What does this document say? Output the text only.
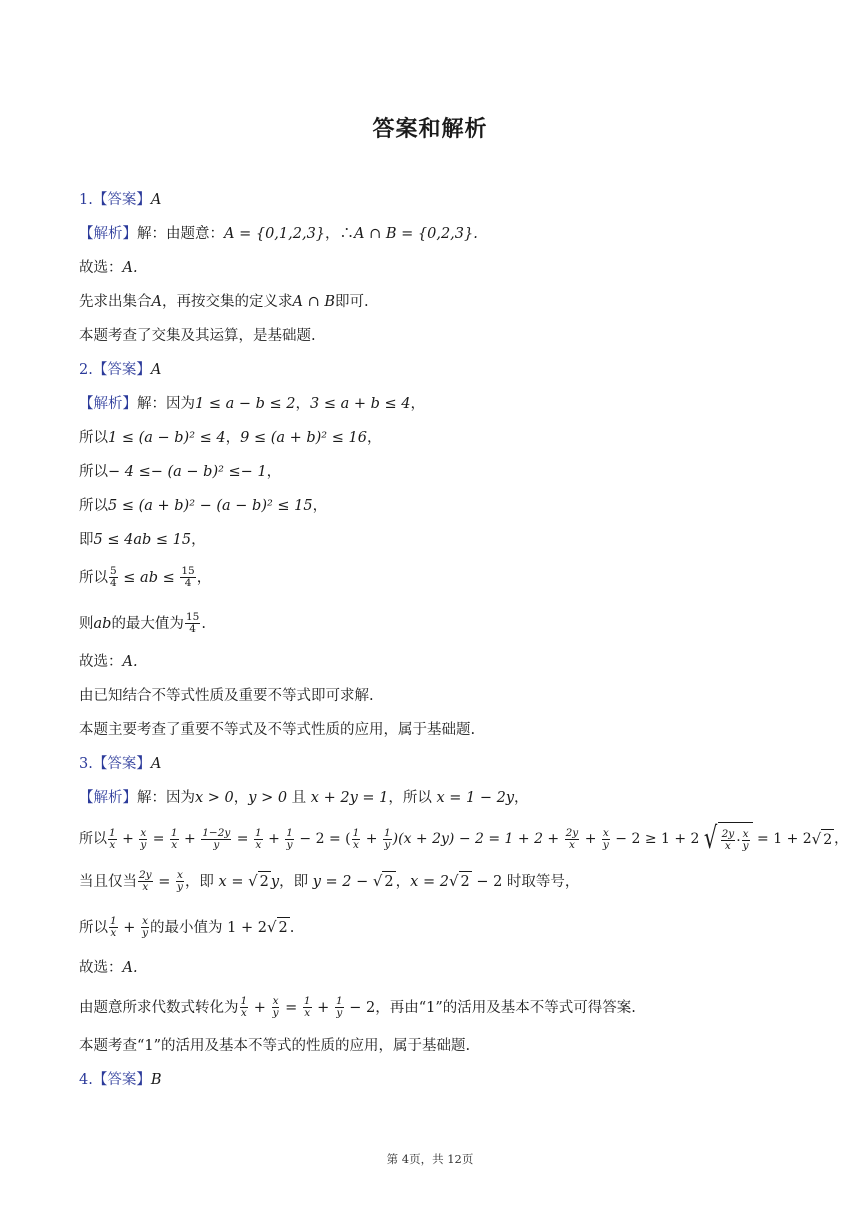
答案和解析
1.【答案】 A
【解析】 解：由题意： A = {0,1,2,3} ，∴ A ∩ B = {0,2,3}.
故选： A.
先求出集合 A ，再按交集的定义求 A ∩ B 即可.
本题考查了交集及其运算，是基础题.
2.【答案】 A
【解析】 解：因为 1 ≤ a − b ≤ 2 ， 3 ≤ a + b ≤ 4 ，
所以 1 ≤ (a − b)² ≤ 4 ， 9 ≤ (a + b)² ≤ 16 ，
所以 − 4 ≤− (a − b)² ≤− 1 ，
所以 5 ≤ (a + b)² − (a − b)² ≤ 15 ，
即 5 ≤ 4ab ≤ 15 ，
所以 $\frac{5}{4}$ ≤ ab ≤ $\frac{15}{4}$ ，
则 ab 的最大值为 $\frac{15}{4}$ .
故选： A.
由已知结合不等式性质及重要不等式即可求解.
本题主要考查了重要不等式及不等式性质的应用，属于基础题.
3.【答案】 A
【解析】 解：因为 x > 0 ， y > 0 且 x + 2y = 1 ，所以 x = 1 − 2y ，
所以 $\frac{1}{x} + \frac{x}{y} = \frac{1}{x} + \frac{1-2y}{y} = \frac{1}{x} + \frac{1}{y} - 2$ = ( $\frac{1}{x} + \frac{1}{y} )(x + 2y) - 2 = 1 + 2 + \frac{2y}{x} + \frac{x}{y} - 2 \ge 1 + 2$ √ $\frac{2y}{x} \cdot \frac{x}{y} = 1 + 2$ √ 2 ，
当且仅当 $\frac{2y}{x} = \frac{x}{y}$ ，即 x = √ 2 y ，即 y = 2 − √ 2 ， x = 2 √ 2 − 2 时取等号，
所以 $\frac{1}{x} + \frac{x}{y}$ 的最小值为 1 + 2 √ 2 .
故选： A.
由题意所求代数式转化为 $\frac{1}{x} + \frac{x}{y} = \frac{1}{x} + \frac{1}{y} - 2$ ，再由“1”的活用及基本不等式可得答案.
本题考查“1”的活用及基本不等式的性质的应用，属于基础题.
4.【答案】 B
第 4页，共 12页
